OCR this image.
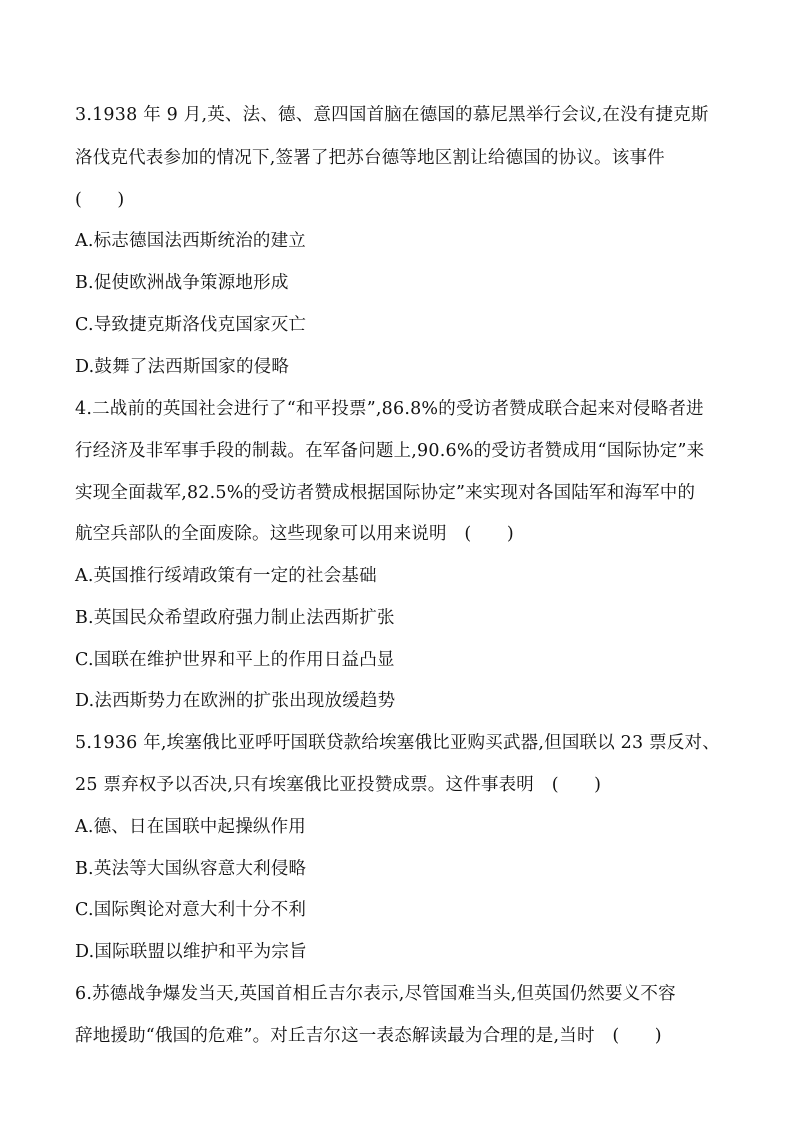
3.1938 年 9 月,英、法、德、意四国首脑在德国的慕尼黑举行会议,在没有捷克斯
洛伐克代表参加的情况下,签署了把苏台德等地区割让给德国的协议。该事件
(　　)
A.标志德国法西斯统治的建立
B.促使欧洲战争策源地形成
C.导致捷克斯洛伐克国家灭亡
D.鼓舞了法西斯国家的侵略
4.二战前的英国社会进行了“和平投票”,86.8%的受访者赞成联合起来对侵略者进
行经济及非军事手段的制裁。在军备问题上,90.6%的受访者赞成用“国际协定”来
实现全面裁军,82.5%的受访者赞成根据国际协定”来实现对各国陆军和海军中的
航空兵部队的全面废除。这些现象可以用来说明　(　　)
A.英国推行绥靖政策有一定的社会基础
B.英国民众希望政府强力制止法西斯扩张
C.国联在维护世界和平上的作用日益凸显
D.法西斯势力在欧洲的扩张出现放缓趋势
5.1936 年,埃塞俄比亚呼吁国联贷款给埃塞俄比亚购买武器,但国联以 23 票反对、
25 票弃权予以否决,只有埃塞俄比亚投赞成票。这件事表明　(　　)
A.德、日在国联中起操纵作用
B.英法等大国纵容意大利侵略
C.国际舆论对意大利十分不利
D.国际联盟以维护和平为宗旨
6.苏德战争爆发当天,英国首相丘吉尔表示,尽管国难当头,但英国仍然要义不容
辞地援助“俄国的危难”。对丘吉尔这一表态解读最为合理的是,当时　(　　)
